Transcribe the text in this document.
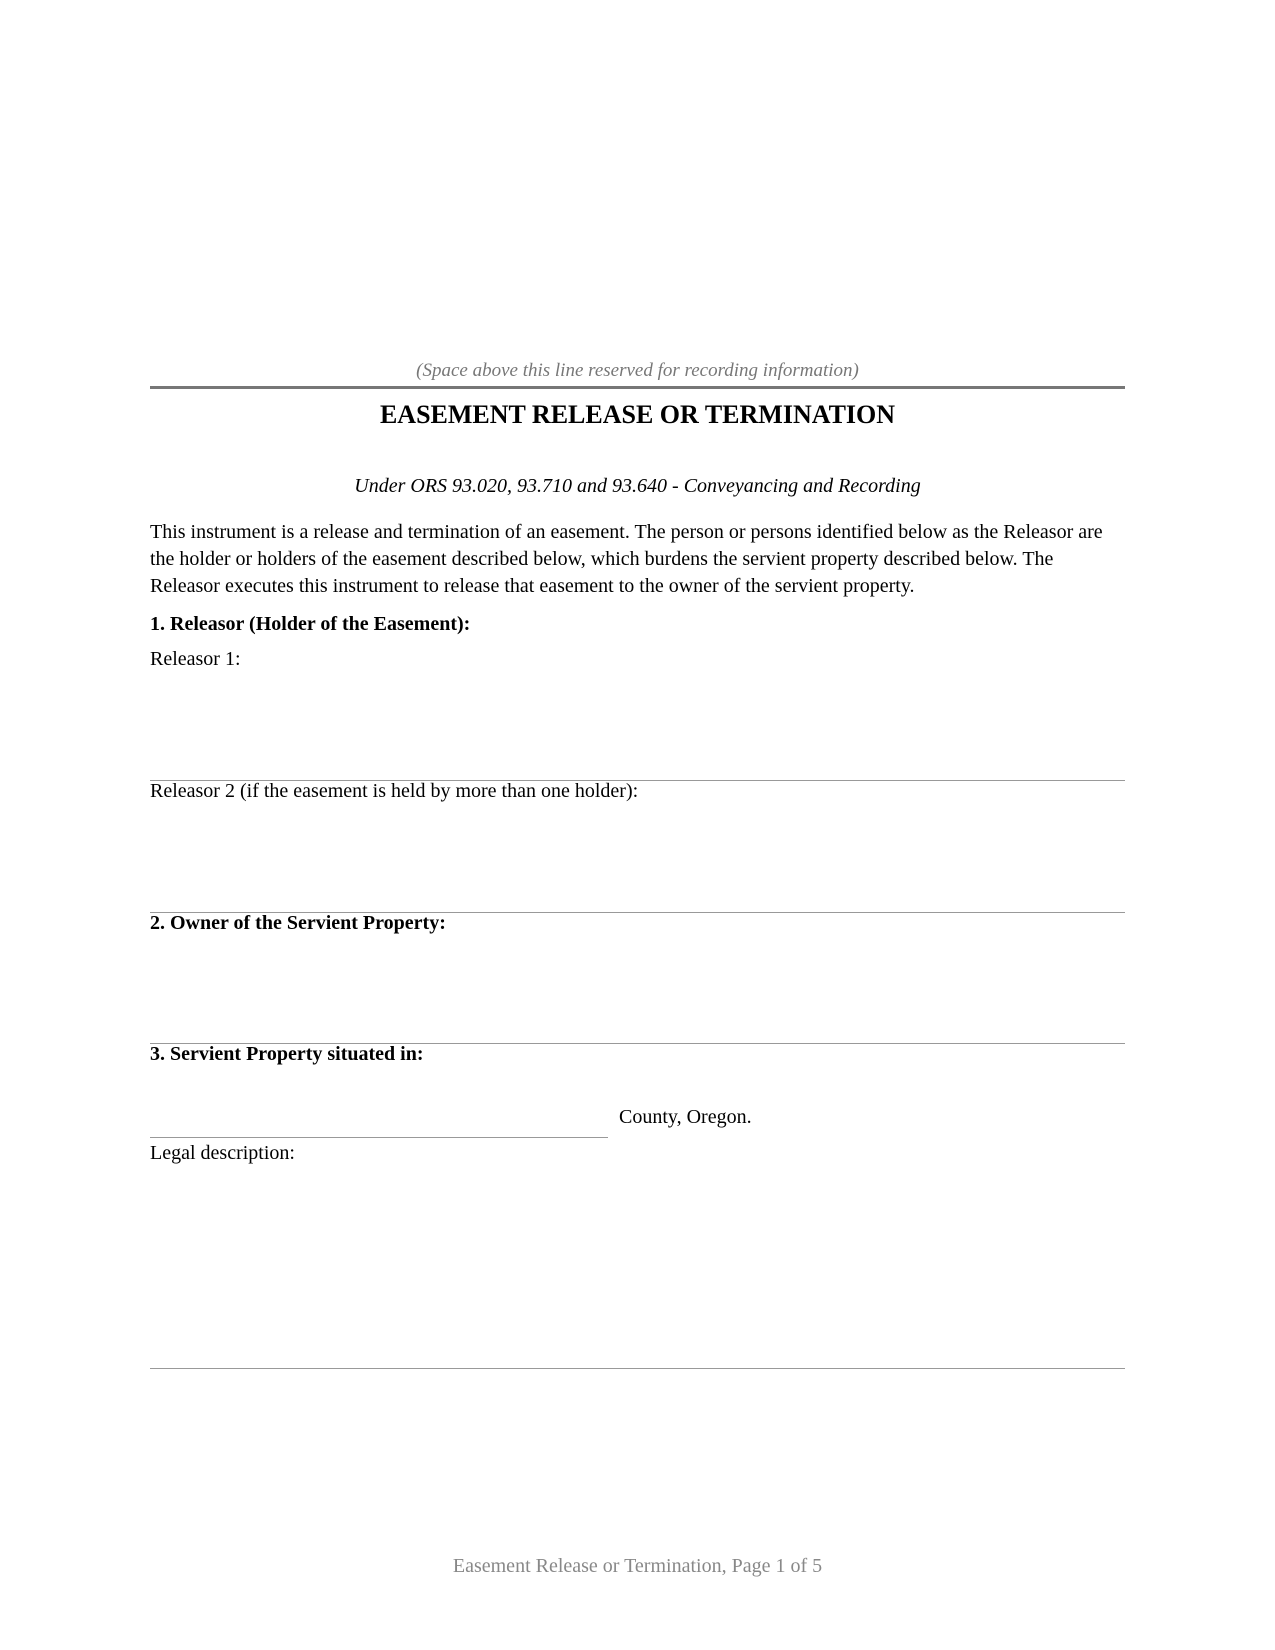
(Space above this line reserved for recording information)
EASEMENT RELEASE OR TERMINATION
Under ORS 93.020, 93.710 and 93.640 - Conveyancing and Recording
This instrument is a release and termination of an easement. The person or persons identified below as the Releasor are the holder or holders of the easement described below, which burdens the servient property described below. The Releasor executes this instrument to release that easement to the owner of the servient property.
1. Releasor (Holder of the Easement):
Releasor 1:
Releasor 2 (if the easement is held by more than one holder):
2. Owner of the Servient Property:
3. Servient Property situated in:
County, Oregon.
Legal description:
Easement Release or Termination, Page 1 of 5
